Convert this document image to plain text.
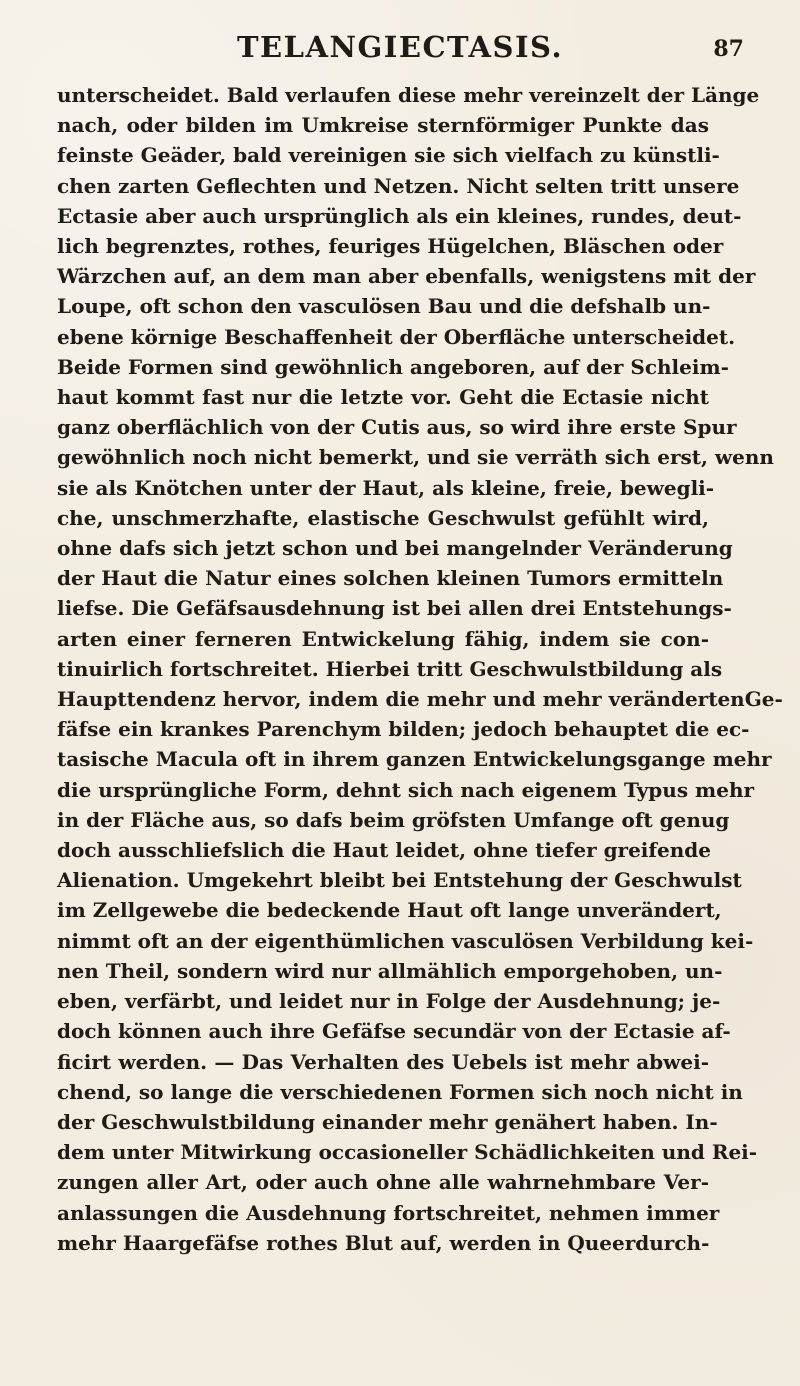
TELANGIECTASIS.	87
unterscheidet. Bald verlaufen diese mehr vereinzelt der Länge
nach, oder bilden im Umkreise sternförmiger Punkte das
feinste Geäder, bald vereinigen sie sich vielfach zu künstli-
chen zarten Geflechten und Netzen. Nicht selten tritt unsere
Ectasie aber auch ursprünglich als ein kleines, rundes, deut-
lich begrenztes, rothes, feuriges Hügelchen, Bläschen oder
Wärzchen auf, an dem man aber ebenfalls, wenigstens mit der
Loupe, oft schon den vasculösen Bau und die defshalb un-
ebene körnige Beschaffenheit der Oberfläche unterscheidet.
Beide Formen sind gewöhnlich angeboren, auf der Schleim-
haut kommt fast nur die letzte vor. Geht die Ectasie nicht
ganz oberflächlich von der Cutis aus, so wird ihre erste Spur
gewöhnlich noch nicht bemerkt, und sie verräth sich erst, wenn
sie als Knötchen unter der Haut, als kleine, freie, bewegli-
che, unschmerzhafte, elastische Geschwulst gefühlt wird,
ohne dafs sich jetzt schon und bei mangelnder Veränderung
der Haut die Natur eines solchen kleinen Tumors ermitteln
liefse. Die Gefäfsausdehnung ist bei allen drei Entstehungs-
arten einer ferneren Entwickelung fähig, indem sie con-
tinuirlich fortschreitet. Hierbei tritt Geschwulstbildung als
Haupttendenz hervor, indem die mehr und mehr verändertenGe-
fäfse ein krankes Parenchym bilden; jedoch behauptet die ec-
tasische Macula oft in ihrem ganzen Entwickelungsgange mehr
die ursprüngliche Form, dehnt sich nach eigenem Typus mehr
in der Fläche aus, so dafs beim gröfsten Umfange oft genug
doch ausschliefslich die Haut leidet, ohne tiefer greifende
Alienation. Umgekehrt bleibt bei Entstehung der Geschwulst
im Zellgewebe die bedeckende Haut oft lange unverändert,
nimmt oft an der eigenthümlichen vasculösen Verbildung kei-
nen Theil, sondern wird nur allmählich emporgehoben, un-
eben, verfärbt, und leidet nur in Folge der Ausdehnung; je-
doch können auch ihre Gefäfse secundär von der Ectasie af-
ficirt werden. — Das Verhalten des Uebels ist mehr abwei-
chend, so lange die verschiedenen Formen sich noch nicht in
der Geschwulstbildung einander mehr genähert haben. In-
dem unter Mitwirkung occasioneller Schädlichkeiten und Rei-
zungen aller Art, oder auch ohne alle wahrnehmbare Ver-
anlassungen die Ausdehnung fortschreitet, nehmen immer
mehr Haargefäfse rothes Blut auf, werden in Queerdurch-
